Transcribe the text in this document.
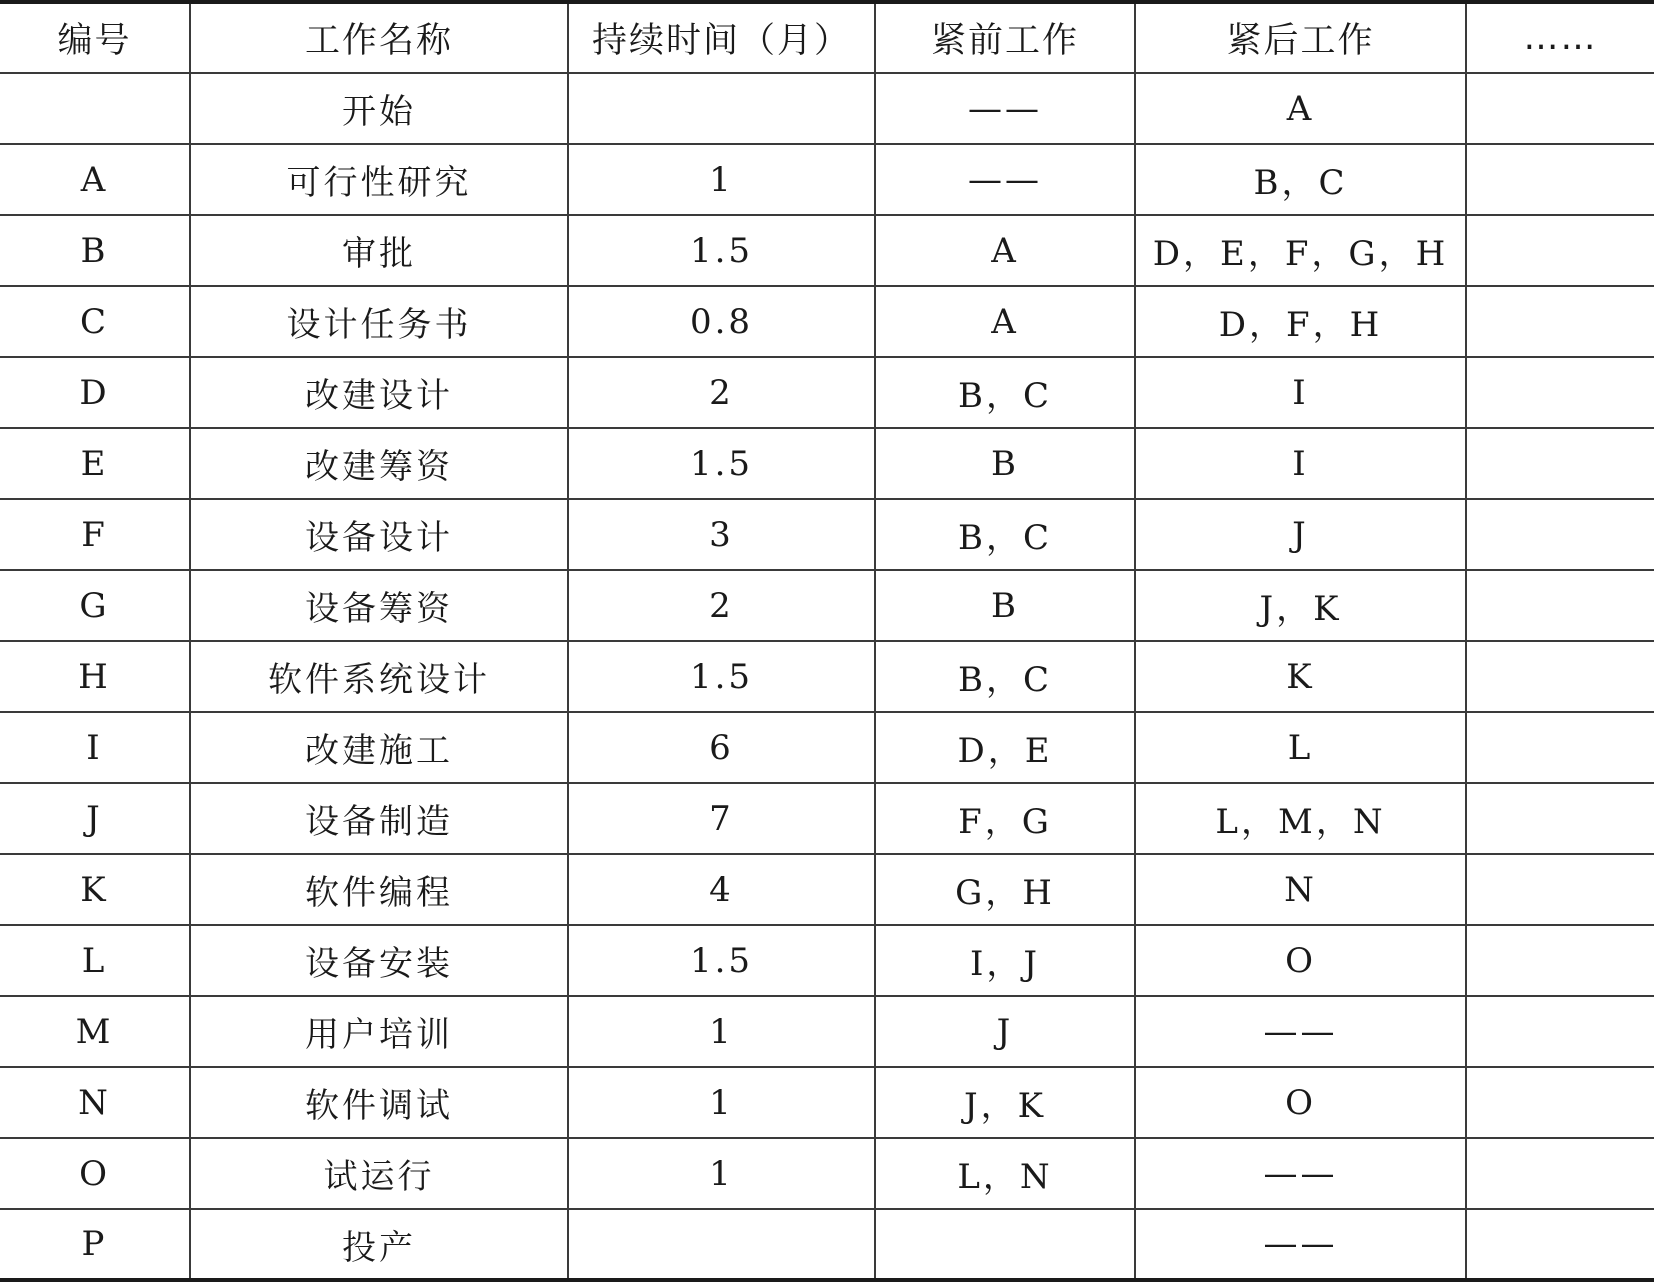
编号	工作名称	持续时间（月）	紧前工作	紧后工作	……
	开始		——	A	
A	可行性研究	1	——	B，C	
B	审批	1.5	A	D，E，F，G，H	
C	设计任务书	0.8	A	D，F，H	
D	改建设计	2	B，C	I	
E	改建筹资	1.5	B	I	
F	设备设计	3	B，C	J	
G	设备筹资	2	B	J，K	
H	软件系统设计	1.5	B，C	K	
I	改建施工	6	D，E	L	
J	设备制造	7	F，G	L，M，N	
K	软件编程	4	G，H	N	
L	设备安装	1.5	I，J	O	
M	用户培训	1	J	——	
N	软件调试	1	J，K	O	
O	试运行	1	L，N	——	
P	投产			——	
